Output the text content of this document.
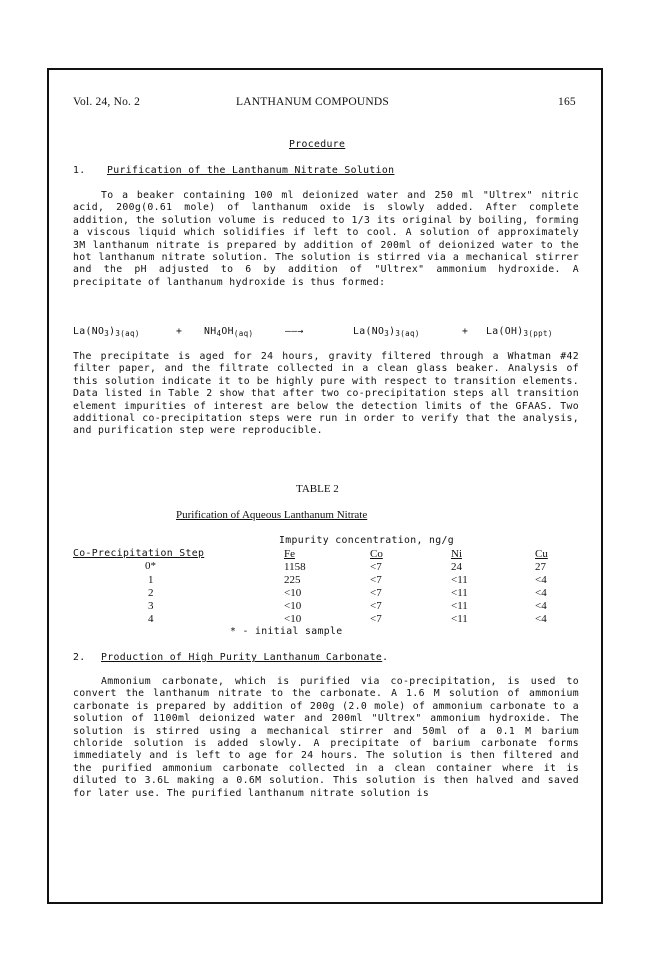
Vol. 24, No. 2	LANTHANUM COMPOUNDS	165
Procedure
1. Purification of the Lanthanum Nitrate Solution

To a beaker containing 100 ml deionized water and 250 ml "Ultrex" nitric acid, 200g(0.61 mole) of lanthanum oxide is slowly added. After complete addition, the solution volume is reduced to 1/3 its original by boiling, forming a viscous liquid which solidifies if left to cool. A solution of approximately 3M lanthanum nitrate is prepared by addition of 200ml of deionized water to the hot lanthanum nitrate solution. The solution is stirred via a mechanical stirrer and the pH adjusted to 6 by addition of "Ultrex" ammonium hydroxide. A precipitate of lanthanum hydroxide is thus formed:

$La(NO_3)_{3(aq)}$	+ $NH_4OH_{(aq)}$	——→	$La(NO_3)_{3(aq)}$	+ $La(OH)_{3(ppt)}$

The precipitate is aged for 24 hours, gravity filtered through a Whatman #42 filter paper, and the filtrate collected in a clean glass beaker. Analysis of this solution indicate it to be highly pure with respect to transition elements. Data listed in Table 2 show that after two co-precipitation steps all transition element impurities of interest are below the detection limits of the GFAAS. Two additional co-precipitation steps were run in order to verify that the analysis, and purification step were reproducible.

TABLE 2
Purification of Aqueous Lanthanum Nitrate
Impurity concentration, ng/g
Co-Precipitation Step	Fe	Co	Ni	Cu
0*	1158	<7	24	27
1	225	<7	<11	<4
2	<10	<7	<11	<4
3	<10	<7	<11	<4
4	<10	<7	<11	<4
* - initial sample
2. Production of High Purity Lanthanum Carbonate.

Ammonium carbonate, which is purified via co-precipitation, is used to convert the lanthanum nitrate to the carbonate. A 1.6 M solution of ammonium carbonate is prepared by addition of 200g (2.0 mole) of ammonium carbonate to a solution of 1100ml deionized water and 200ml "Ultrex" ammonium hydroxide. The solution is stirred using a mechanical stirrer and 50ml of a 0.1 M barium chloride solution is added slowly. A precipitate of barium carbonate forms immediately and is left to age for 24 hours. The solution is then filtered and the purified ammonium carbonate collected in a clean container where it is diluted to 3.6L making a 0.6M solution. This solution is then halved and saved for later use. The purified lanthanum nitrate solution is
